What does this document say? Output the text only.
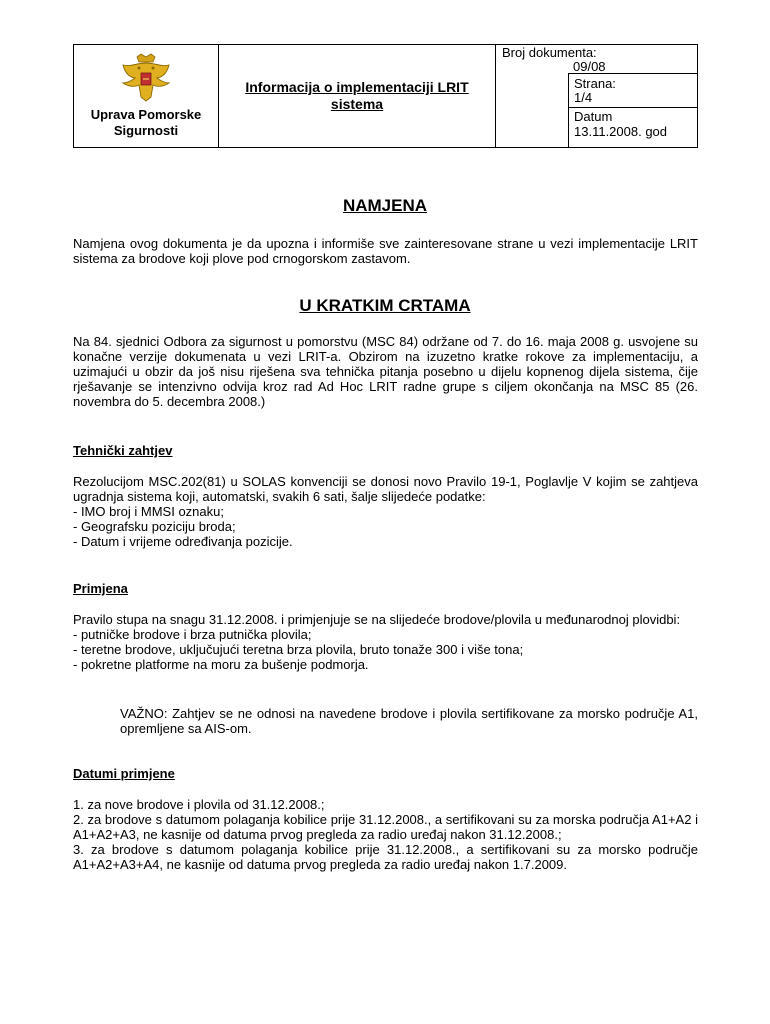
Uprava Pomorske
Sigurnosti
Informacija o implementaciji LRIT
sistema
Broj dokumenta:
09/08
Strana:
1/4
Datum
13.11.2008. god
NAMJENA
Namjena ovog dokumenta je da upozna i informiše sve zainteresovane strane u vezi implementacije LRIT sistema za brodove koji plove pod crnogorskom zastavom.
U KRATKIM CRTAMA
Na 84. sjednici Odbora za sigurnost u pomorstvu (MSC 84) održane od 7. do 16. maja 2008 g. usvojene su konačne verzije dokumenata u vezi LRIT-a. Obzirom na izuzetno kratke rokove za implementaciju, a uzimajući u obzir da još nisu riješena sva tehnička pitanja posebno u dijelu kopnenog dijela sistema, čije rješavanje se intenzivno odvija kroz rad Ad Hoc LRIT radne grupe s ciljem okončanja na MSC 85 (26. novembra do 5. decembra 2008.)
Tehnički zahtjev

Rezolucijom MSC.202(81) u SOLAS konvenciji se donosi novo Pravilo 19-1, Poglavlje V kojim se zahtjeva ugradnja sistema koji, automatski, svakih 6 sati, šalje slijedeće podatke:

- IMO broj i MMSI oznaku;

- Geografsku poziciju broda;

- Datum i vrijeme određivanja pozicije.

Primjena

Pravilo stupa na snagu 31.12.2008. i primjenjuje se na slijedeće brodove/plovila u međunarodnoj plovidbi:

- putničke brodove i brza putnička plovila;

- teretne brodove, uključujući teretna brza plovila, bruto tonaže 300 i više tona;

- pokretne platforme na moru za bušenje podmorja.

VAŽNO: Zahtjev se ne odnosi na navedene brodove i plovila sertifikovane za morsko područje A1, opremljene sa AIS-om.
Datumi primjene

1. za nove brodove i plovila od 31.12.2008.;

2. za brodove s datumom polaganja kobilice prije 31.12.2008., a sertifikovani su za morska područja A1+A2 i A1+A2+A3, ne kasnije od datuma prvog pregleda za radio uređaj nakon 31.12.2008.;

3. za brodove s datumom polaganja kobilice prije 31.12.2008., a sertifikovani su za morsko područje A1+A2+A3+A4, ne kasnije od datuma prvog pregleda za radio uređaj nakon 1.7.2009.
